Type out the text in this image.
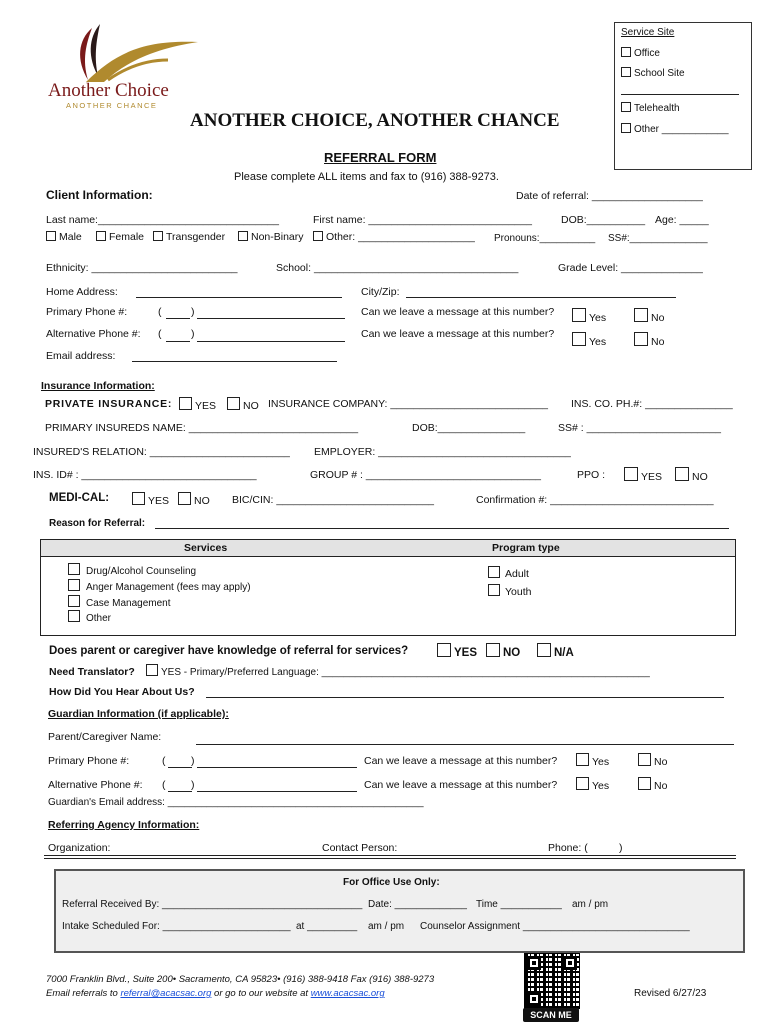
Another Choice
ANOTHER CHANCE
ANOTHER CHOICE, ANOTHER CHANCE
Service Site
Office
School Site
Telehealth
Other ____________
REFERRAL FORM
Please complete ALL items and fax to (916) 388-9273.
Client Information:	Date of referral: ___________________
Last name:_______________________________	First name: ____________________________	DOB:__________ Age: _____
Male	Female	Transgender	Non-Binary	Other: ____________________ Pronouns:__________ SS#:______________
Ethnicity: _________________________	School: ___________________________________	Grade Level: ______________
Home Address:	City/Zip:
Primary Phone #:	(	)	Can we leave a message at this number?	Yes	No
Alternative Phone #: (	)	Can we leave a message at this number?
Yes	No
Email address:
Insurance Information:
PRIVATE INSURANCE:	YES	NO INSURANCE COMPANY: ___________________________ INS. CO. PH.#: _______________
PRIMARY INSUREDS NAME: _____________________________	DOB:_______________	SS# : _______________________
INSURED'S RELATION: ________________________ EMPLOYER: _________________________________
INS. ID# : ______________________________	GROUP # : ______________________________	PPO :	YES	NO
MEDI-CAL:	YES	NO BIC/CIN: ___________________________	Confirmation #: ____________________________
Reason for Referral:
Services	Program type
Drug/Alcohol Counseling
Anger Management (fees may apply)
Case Management
Other
Adult
Youth
Does parent or caregiver have knowledge of referral for services?	YES	NO	N/A
Need Translator?	YES - Primary/Preferred Language: ___________________________________________________________
How Did You Hear About Us?
Guardian Information (if applicable):
Parent/Caregiver Name:
Primary Phone #:	( )	Can we leave a message at this number?	Yes	No
Alternative Phone #: ( )	Can we leave a message at this number?	Yes	No
Guardian's Email address: ______________________________________________
Referring Agency Information:
Organization:	Contact Person:	Phone: (	)
For Office Use Only:
Referral Received By: ____________________________________ Date: _____________ Time ___________ am / pm
Intake Scheduled For: _______________________ at _________ am / pm Counselor Assignment ______________________________
7000 Franklin Blvd., Suite 200• Sacramento, CA 95823• (916) 388-9418 Fax (916) 388-9273
Email referrals to referral@acacsac.org or go to our website at www.acacsac.org
SCAN ME
Revised 6/27/23
